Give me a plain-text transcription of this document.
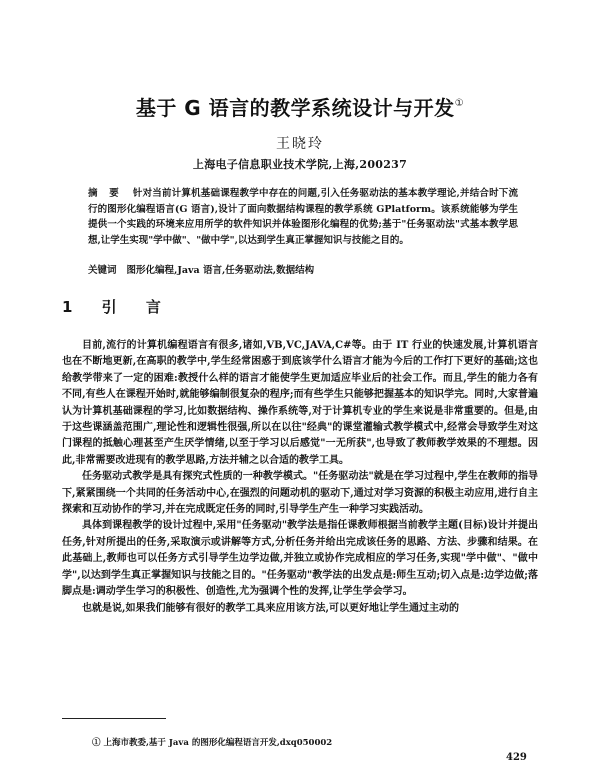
基于 G 语言的教学系统设计与开发①
王晓玲
上海电子信息职业技术学院,上海,200237
摘 要 针对当前计算机基础课程教学中存在的问题,引入任务驱动法的基本教学理论,并结合时下流行的图形化编程语言(G 语言),设计了面向数据结构课程的教学系统 GPlatform。该系统能够为学生提供一个实践的环境来应用所学的软件知识并体验图形化编程的优势;基于"任务驱动法"式基本教学思想,让学生实现"学中做"、"做中学",以达到学生真正掌握知识与技能之目的。
关键词 图形化编程,Java 语言,任务驱动法,数据结构
1 引 言

目前,流行的计算机编程语言有很多,诸如,VB,VC,JAVA,C#等。由于 IT 行业的快速发展,计算机语言也在不断地更新,在高职的教学中,学生经常困惑于到底该学什么语言才能为今后的工作打下更好的基础;这也给教学带来了一定的困难:教授什么样的语言才能使学生更加适应毕业后的社会工作。而且,学生的能力各有不同,有些人在课程开始时,就能够编制很复杂的程序;而有些学生只能够把握基本的知识学完。同时,大家普遍认为计算机基础课程的学习,比如数据结构、操作系统等,对于计算机专业的学生来说是非常重要的。但是,由于这些课涵盖范围广,理论性和逻辑性很强,所以在以往"经典"的课堂灌输式教学模式中,经常会导致学生对这门课程的抵触心理甚至产生厌学情绪,以至于学习以后感觉"一无所获",也导致了教师教学效果的不理想。因此,非常需要改进现有的教学思路,方法并辅之以合适的教学工具。

任务驱动式教学是具有探究式性质的一种教学模式。"任务驱动法"就是在学习过程中,学生在教师的指导下,紧紧围绕一个共同的任务活动中心,在强烈的问题动机的驱动下,通过对学习资源的积极主动应用,进行自主探索和互动协作的学习,并在完成既定任务的同时,引导学生产生一种学习实践活动。

具体到课程教学的设计过程中,采用"任务驱动"教学法是指任课教师根据当前教学主题(目标)设计并提出任务,针对所提出的任务,采取演示或讲解等方式,分析任务并给出完成该任务的思路、方法、步骤和结果。在此基础上,教师也可以任务方式引导学生边学边做,并独立或协作完成相应的学习任务,实现"学中做"、"做中学",以达到学生真正掌握知识与技能之目的。"任务驱动"教学法的出发点是:师生互动;切入点是:边学边做;落脚点是:调动学生学习的积极性、创造性,尤为强调个性的发挥,让学生学会学习。

也就是说,如果我们能够有很好的教学工具来应用该方法,可以更好地让学生通过主动的

① 上海市教委,基于 Java 的图形化编程语言开发,dxq050002
429
